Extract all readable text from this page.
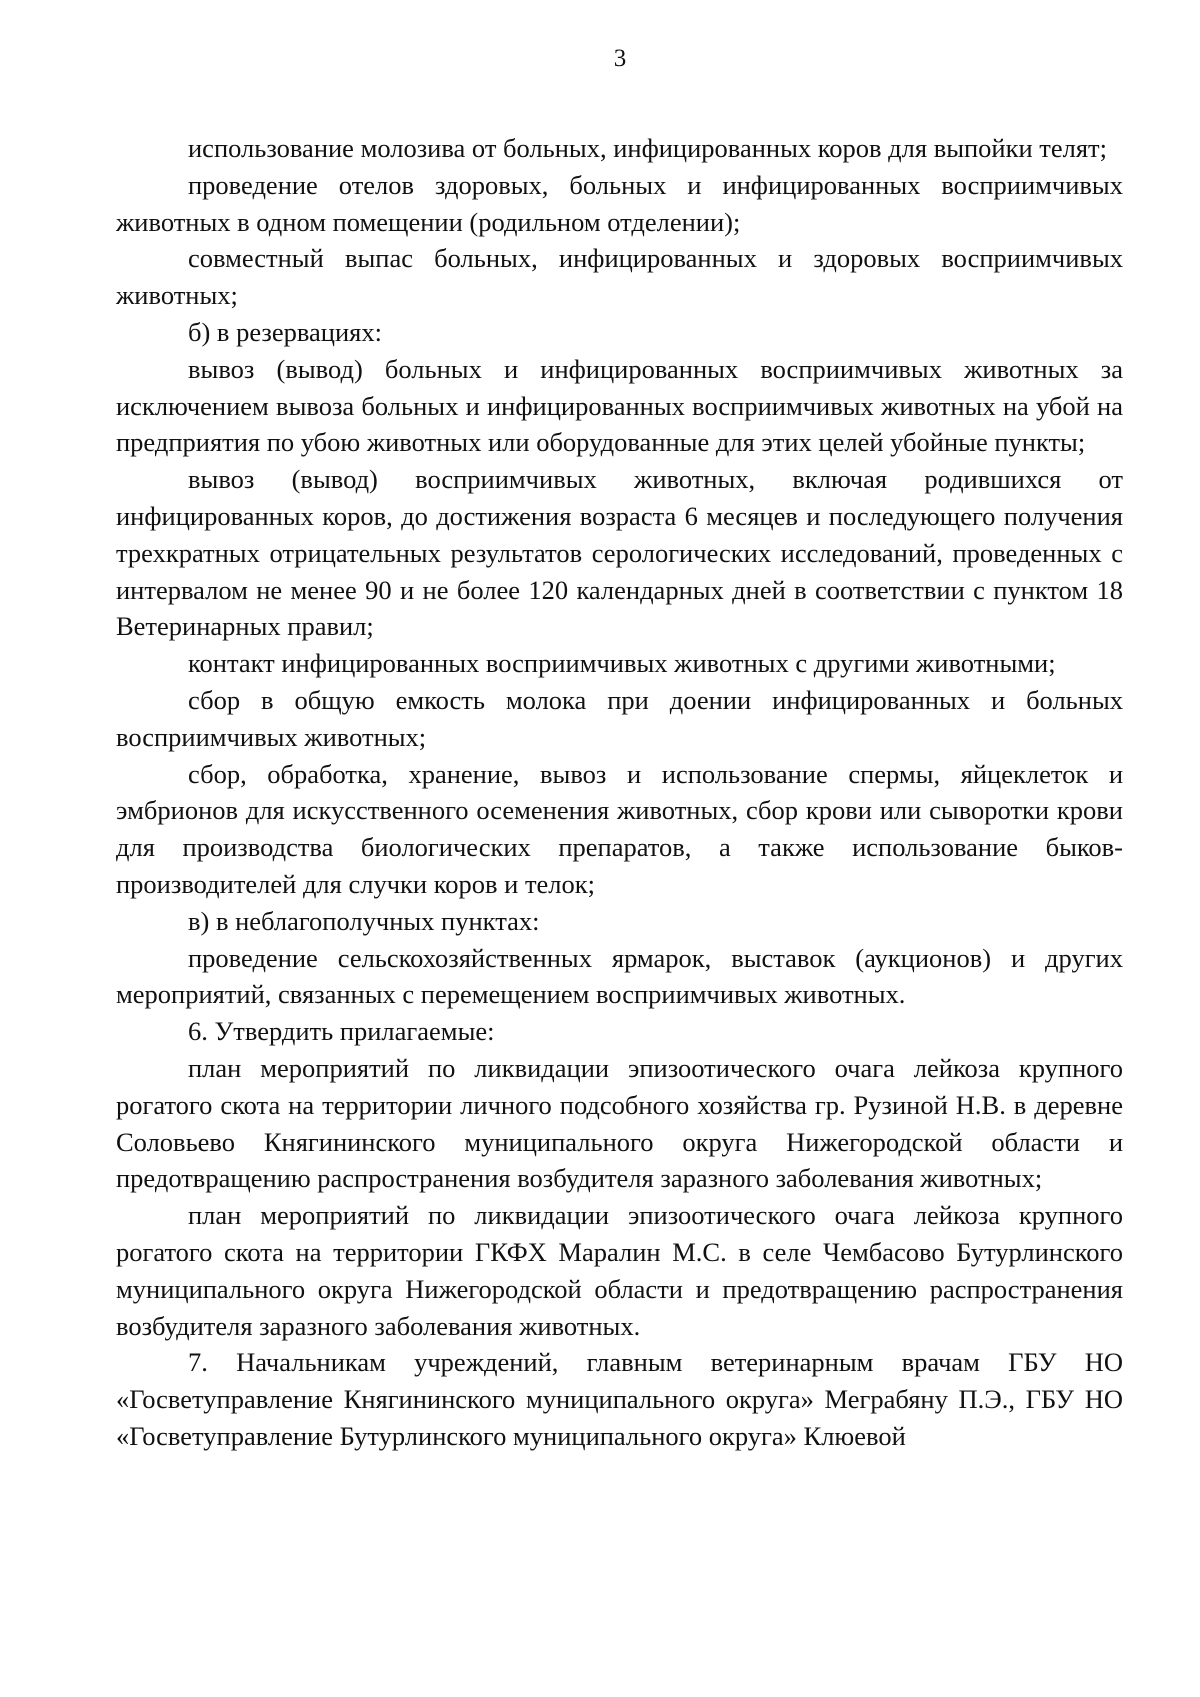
3

использование молозива от больных, инфицированных коров для выпойки телят;

проведение отелов здоровых, больных и инфицированных восприимчивых животных в одном помещении (родильном отделении);

совместный выпас больных, инфицированных и здоровых восприимчивых животных;

б) в резервациях:

вывоз (вывод) больных и инфицированных восприимчивых животных за исключением вывоза больных и инфицированных восприимчивых животных на убой на предприятия по убою животных или оборудованные для этих целей убойные пункты;

вывоз (вывод) восприимчивых животных, включая родившихся от инфицированных коров, до достижения возраста 6 месяцев и последующего получения трехкратных отрицательных результатов серологических исследований, проведенных с интервалом не менее 90 и не более 120 календарных дней в соответствии с пунктом 18 Ветеринарных правил;

контакт инфицированных восприимчивых животных с другими животными;

сбор в общую емкость молока при доении инфицированных и больных восприимчивых животных;

сбор, обработка, хранение, вывоз и использование спермы, яйцеклеток и эмбрионов для искусственного осеменения животных, сбор крови или сыворотки крови для производства биологических препаратов, а также использование быков-производителей для случки коров и телок;

в) в неблагополучных пунктах:

проведение сельскохозяйственных ярмарок, выставок (аукционов) и других мероприятий, связанных с перемещением восприимчивых животных.

6. Утвердить прилагаемые:

план мероприятий по ликвидации эпизоотического очага лейкоза крупного рогатого скота на территории личного подсобного хозяйства гр. Рузиной Н.В. в деревне Соловьево Княгининского муниципального округа Нижегородской области и предотвращению распространения возбудителя заразного заболевания животных;

план мероприятий по ликвидации эпизоотического очага лейкоза крупного рогатого скота на территории ГКФХ Маралин М.С. в селе Чембасово Бутурлинского муниципального округа Нижегородской области и предотвращению распространения возбудителя заразного заболевания животных.

7. Начальникам учреждений, главным ветеринарным врачам ГБУ НО «Госветуправление Княгининского муниципального округа» Меграбяну П.Э., ГБУ НО «Госветуправление Бутурлинского муниципального округа» Клюевой
